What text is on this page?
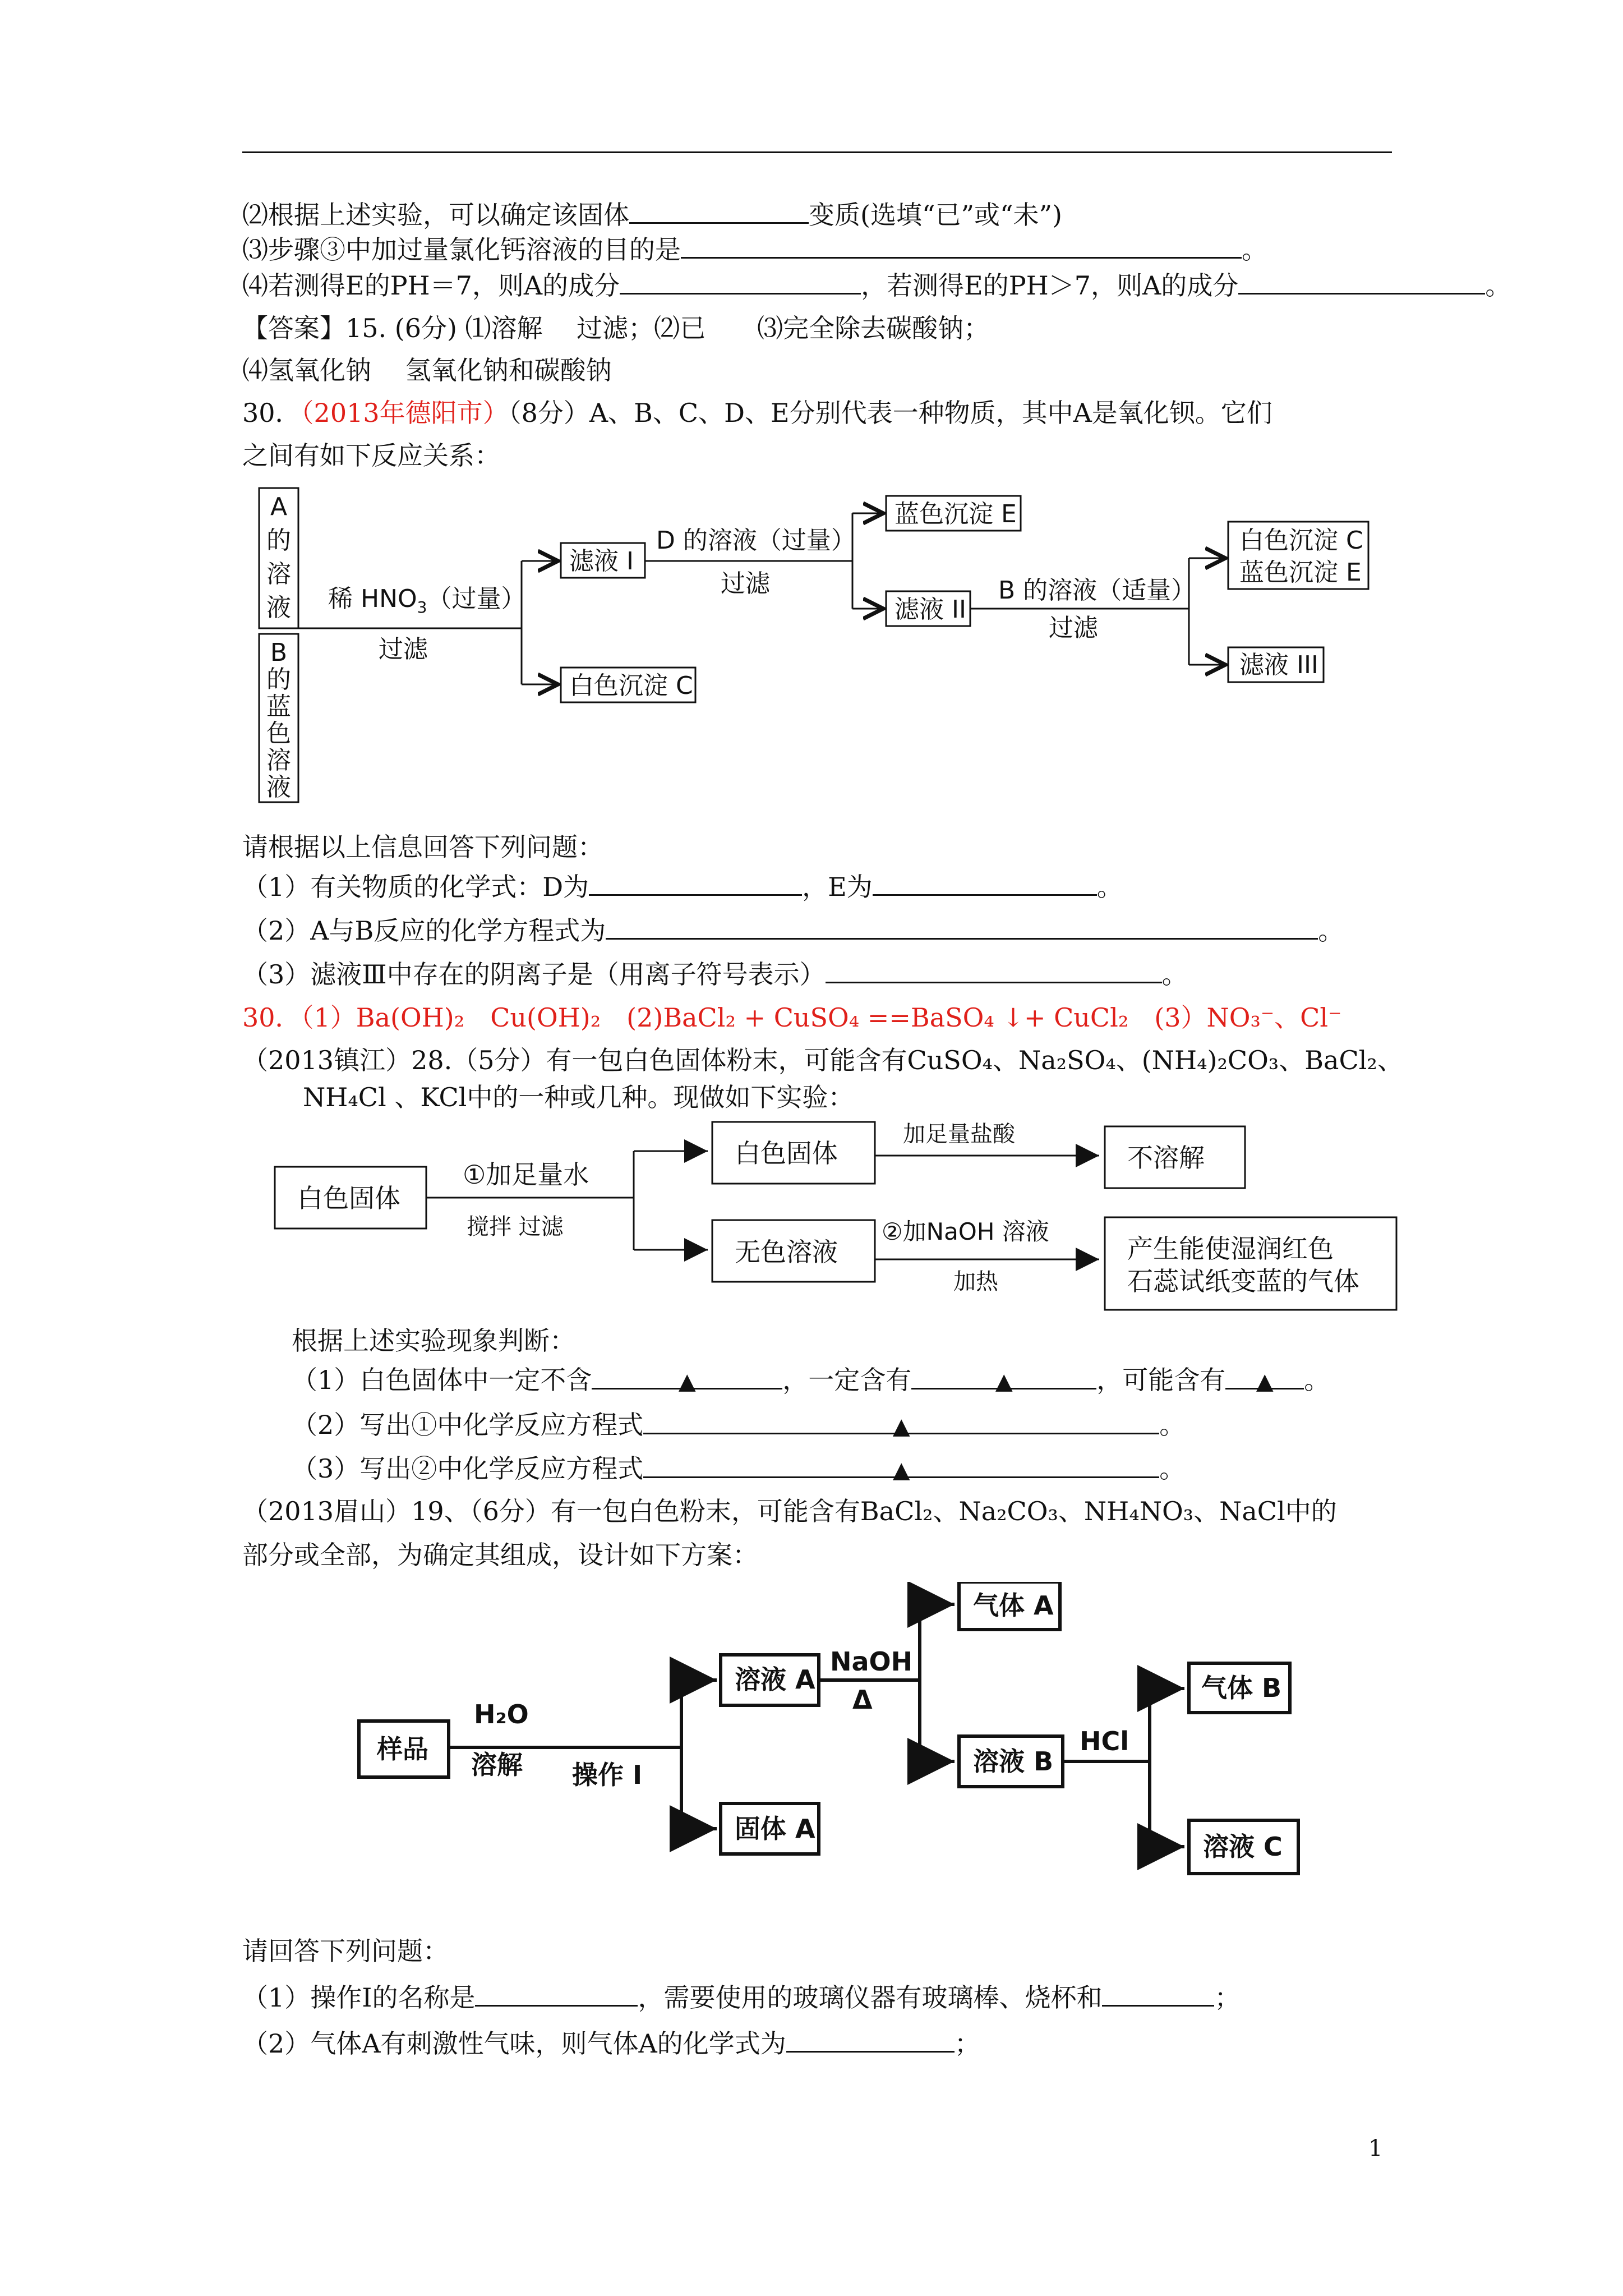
⑵根据上述实验，可以确定该固体	变质(选填“已”或“未”)
⑶步骤③中加过量氯化钙溶液的目的是	。
⑷若测得E的PH＝7，则A的成分	，若测得E的PH＞7，则A的成分	。
【答案】15. (6分) ⑴溶解　 过滤；⑵已　　⑶完全除去碳酸钠；
⑷氢氧化钠　 氢氧化钠和碳酸钠
30．（2013年德阳市）（8分）A、B、C、D、E分别代表一种物质，其中A是氧化钡。它们
之间有如下反应关系：
A
的
溶
液
B
的
蓝
色
溶
液
稀 $HNO_3$（过量）
过滤
滤液 I
白色沉淀 C
D 的溶液（过量）
过滤
蓝色沉淀 E
滤液 II
B 的溶液（适量）
过滤
白色沉淀 C
蓝色沉淀 E
滤液 III
请根据以上信息回答下列问题：
（1）有关物质的化学式：D为	，E为	。
（2）A与B反应的化学方程式为	。
（3）滤液Ⅲ中存在的阴离子是（用离子符号表示）	。
30．（1）Ba(OH)₂　Cu(OH)₂　(2)BaCl₂ + CuSO₄ ==BaSO₄ ↓+ CuCl₂　(3）NO₃⁻、Cl⁻
（2013镇江）28.（5分）有一包白色固体粉末，可能含有CuSO₄、Na₂SO₄、(NH₄)₂CO₃、BaCl₂、
NH₄Cl 、KCl中的一种或几种。现做如下实验：
白色固体
①加足量水
搅拌 过滤
白色固体
加足量盐酸
不溶解
无色溶液
②加NaOH 溶液
加热
产生能使湿润红色
石蕊试纸变蓝的气体
根据上述实验现象判断：
（1）白色固体中一定不含	▲	，一定含有	▲	，可能含有 ▲ 。
（2）写出①中化学反应方程式	▲	。
（3）写出②中化学反应方程式	▲	。
（2013眉山）19、（6分）有一包白色粉末，可能含有BaCl₂、Na₂CO₃、NH₄NO₃、NaCl中的
部分或全部，为确定其组成，设计如下方案：
样品
H₂O
溶解 操作 I
溶液 A
固体 A
NaOH
Δ
气体 A
溶液 B
HCl
气体 B
溶液 C
请回答下列问题：
（1）操作Ⅰ的名称是	，需要使用的玻璃仪器有玻璃棒、烧杯和	；
（2）气体A有刺激性气味，则气体A的化学式为	；
1
